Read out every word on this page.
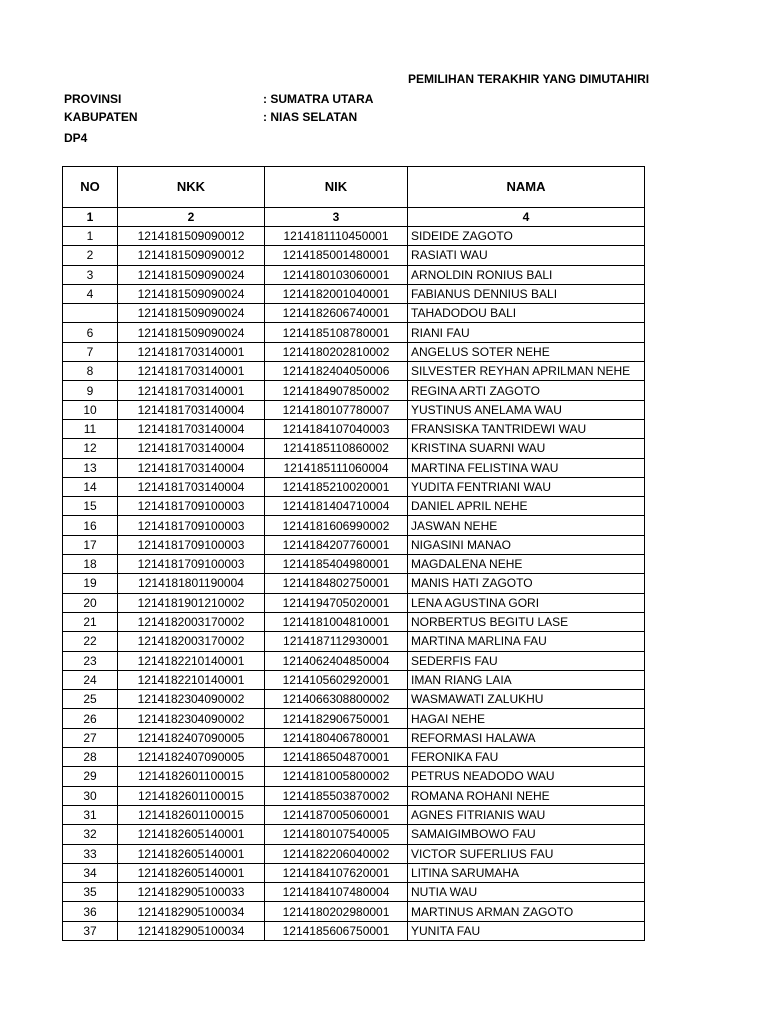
PEMILIHAN TERAKHIR YANG DIMUTAHIRI
PROVINSI	: SUMATRA UTARA
KABUPATEN	: NIAS SELATAN
DP4
NO	NKK	NIK	NAMA
1	2	3	4
1	1214181509090012	1214181110450001	SIDEIDE ZAGOTO
2	1214181509090012	1214185001480001	RASIATI WAU
3	1214181509090024	1214180103060001	ARNOLDIN RONIUS BALI
4	1214181509090024	1214182001040001	FABIANUS DENNIUS BALI
	1214181509090024	1214182606740001	TAHADODOU BALI
6	1214181509090024	1214185108780001	RIANI FAU
7	1214181703140001	1214180202810002	ANGELUS SOTER NEHE
8	1214181703140001	1214182404050006	SILVESTER REYHAN APRILMAN NEHE
9	1214181703140001	1214184907850002	REGINA ARTI ZAGOTO
10	1214181703140004	1214180107780007	YUSTINUS ANELAMA WAU
11	1214181703140004	1214184107040003	FRANSISKA TANTRIDEWI WAU
12	1214181703140004	1214185110860002	KRISTINA SUARNI WAU
13	1214181703140004	1214185111060004	MARTINA FELISTINA WAU
14	1214181703140004	1214185210020001	YUDITA FENTRIANI WAU
15	1214181709100003	1214181404710004	DANIEL APRIL NEHE
16	1214181709100003	1214181606990002	JASWAN NEHE
17	1214181709100003	1214184207760001	NIGASINI MANAO
18	1214181709100003	1214185404980001	MAGDALENA NEHE
19	1214181801190004	1214184802750001	MANIS HATI ZAGOTO
20	1214181901210002	1214194705020001	LENA AGUSTINA GORI
21	1214182003170002	1214181004810001	NORBERTUS BEGITU LASE
22	1214182003170002	1214187112930001	MARTINA MARLINA FAU
23	1214182210140001	1214062404850004	SEDERFIS FAU
24	1214182210140001	1214105602920001	IMAN RIANG LAIA
25	1214182304090002	1214066308800002	WASMAWATI ZALUKHU
26	1214182304090002	1214182906750001	HAGAI NEHE
27	1214182407090005	1214180406780001	REFORMASI HALAWA
28	1214182407090005	1214186504870001	FERONIKA FAU
29	1214182601100015	1214181005800002	PETRUS NEADODO WAU
30	1214182601100015	1214185503870002	ROMANA ROHANI NEHE
31	1214182601100015	1214187005060001	AGNES FITRIANIS WAU
32	1214182605140001	1214180107540005	SAMAIGIMBOWO FAU
33	1214182605140001	1214182206040002	VICTOR SUFERLIUS FAU
34	1214182605140001	1214184107620001	LITINA SARUMAHA
35	1214182905100033	1214184107480004	NUTIA WAU
36	1214182905100034	1214180202980001	MARTINUS ARMAN ZAGOTO
37	1214182905100034	1214185606750001	YUNITA FAU
